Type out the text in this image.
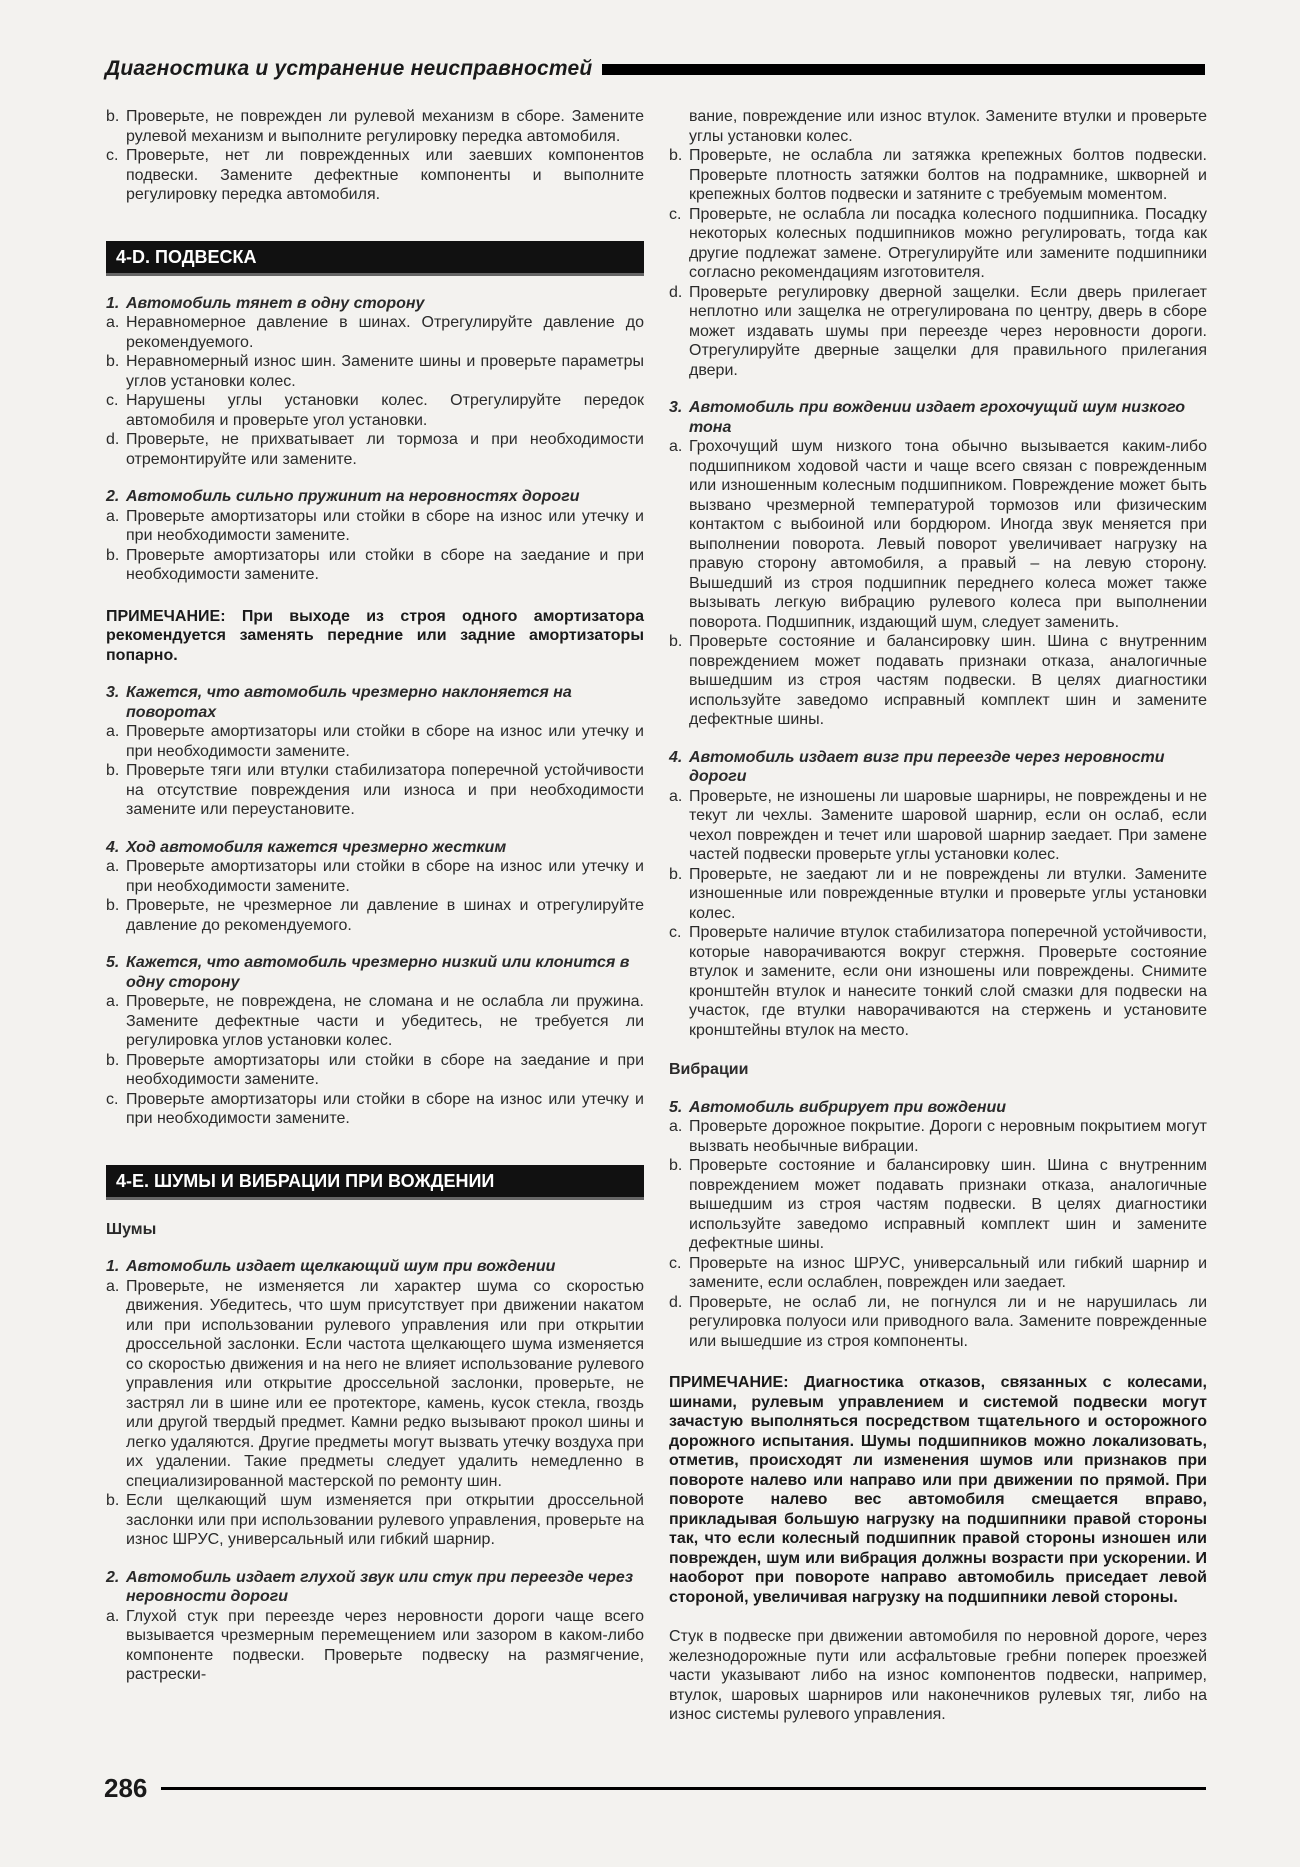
Диагностика и устранение неисправностей
b. Проверьте, не поврежден ли рулевой механизм в сборе. Замените рулевой механизм и выполните регулировку передка автомобиля.
c. Проверьте, нет ли поврежденных или заевших компонентов подвески. Замените дефектные компоненты и выполните регулировку передка автомобиля.
4-D. ПОДВЕСКА
1. Автомобиль тянет в одну сторону
a. Неравномерное давление в шинах. Отрегулируйте давление до рекомендуемого.
b. Неравномерный износ шин. Замените шины и проверьте параметры углов установки колес.
c. Нарушены углы установки колес. Отрегулируйте передок автомобиля и проверьте угол установки.
d. Проверьте, не прихватывает ли тормоза и при необходимости отремонтируйте или замените.
2. Автомобиль сильно пружинит на неровностях дороги
a. Проверьте амортизаторы или стойки в сборе на износ или утечку и при необходимости замените.
b. Проверьте амортизаторы или стойки в сборе на заедание и при необходимости замените.
ПРИМЕЧАНИЕ: При выходе из строя одного амортизатора рекомендуется заменять передние или задние амортизаторы попарно.
3. Кажется, что автомобиль чрезмерно наклоняется на поворотах
a. Проверьте амортизаторы или стойки в сборе на износ или утечку и при необходимости замените.
b. Проверьте тяги или втулки стабилизатора поперечной устойчивости на отсутствие повреждения или износа и при необходимости замените или переустановите.
4. Ход автомобиля кажется чрезмерно жестким
a. Проверьте амортизаторы или стойки в сборе на износ или утечку и при необходимости замените.
b. Проверьте, не чрезмерное ли давление в шинах и отрегулируйте давление до рекомендуемого.
5. Кажется, что автомобиль чрезмерно низкий или клонится в одну сторону
a. Проверьте, не повреждена, не сломана и не ослабла ли пружина. Замените дефектные части и убедитесь, не требуется ли регулировка углов установки колес.
b. Проверьте амортизаторы или стойки в сборе на заедание и при необходимости замените.
c. Проверьте амортизаторы или стойки в сборе на износ или утечку и при необходимости замените.
4-E. ШУМЫ И ВИБРАЦИИ ПРИ ВОЖДЕНИИ
Шумы
1. Автомобиль издает щелкающий шум при вождении
a. Проверьте, не изменяется ли характер шума со скоростью движения. Убедитесь, что шум присутствует при движении накатом или при использовании рулевого управления или при открытии дроссельной заслонки. Если частота щелкающего шума изменяется со скоростью движения и на него не влияет использование рулевого управления или открытие дроссельной заслонки, проверьте, не застрял ли в шине или ее протекторе, камень, кусок стекла, гвоздь или другой твердый предмет. Камни редко вызывают прокол шины и легко удаляются. Другие предметы могут вызвать утечку воздуха при их удалении. Такие предметы следует удалить немедленно в специализированной мастерской по ремонту шин.
b. Если щелкающий шум изменяется при открытии дроссельной заслонки или при использовании рулевого управления, проверьте на износ ШРУС, универсальный или гибкий шарнир.
2. Автомобиль издает глухой звук или стук при переезде через неровности дороги
a. Глухой стук при переезде через неровности дороги чаще всего вызывается чрезмерным перемещением или зазором в каком-либо компоненте подвески. Проверьте подвеску на размягчение, растрески-
вание, повреждение или износ втулок. Замените втулки и проверьте углы установки колес.
b. Проверьте, не ослабла ли затяжка крепежных болтов подвески. Проверьте плотность затяжки болтов на подрамнике, шкворней и крепежных болтов подвески и затяните с требуемым моментом.
c. Проверьте, не ослабла ли посадка колесного подшипника. Посадку некоторых колесных подшипников можно регулировать, тогда как другие подлежат замене. Отрегулируйте или замените подшипники согласно рекомендациям изготовителя.
d. Проверьте регулировку дверной защелки. Если дверь прилегает неплотно или защелка не отрегулирована по центру, дверь в сборе может издавать шумы при переезде через неровности дороги. Отрегулируйте дверные защелки для правильного прилегания двери.
3. Автомобиль при вождении издает грохочущий шум низкого тона
a. Грохочущий шум низкого тона обычно вызывается каким-либо подшипником ходовой части и чаще всего связан с поврежденным или изношенным колесным подшипником. Повреждение может быть вызвано чрезмерной температурой тормозов или физическим контактом с выбоиной или бордюром. Иногда звук меняется при выполнении поворота. Левый поворот увеличивает нагрузку на правую сторону автомобиля, а правый – на левую сторону. Вышедший из строя подшипник переднего колеса может также вызывать легкую вибрацию рулевого колеса при выполнении поворота. Подшипник, издающий шум, следует заменить.
b. Проверьте состояние и балансировку шин. Шина с внутренним повреждением может подавать признаки отказа, аналогичные вышедшим из строя частям подвески. В целях диагностики используйте заведомо исправный комплект шин и замените дефектные шины.
4. Автомобиль издает визг при переезде через неровности дороги
a. Проверьте, не изношены ли шаровые шарниры, не повреждены и не текут ли чехлы. Замените шаровой шарнир, если он ослаб, если чехол поврежден и течет или шаровой шарнир заедает. При замене частей подвески проверьте углы установки колес.
b. Проверьте, не заедают ли и не повреждены ли втулки. Замените изношенные или поврежденные втулки и проверьте углы установки колес.
c. Проверьте наличие втулок стабилизатора поперечной устойчивости, которые наворачиваются вокруг стержня. Проверьте состояние втулок и замените, если они изношены или повреждены. Снимите кронштейн втулок и нанесите тонкий слой смазки для подвески на участок, где втулки наворачиваются на стержень и установите кронштейны втулок на место.
Вибрации
5. Автомобиль вибрирует при вождении
a. Проверьте дорожное покрытие. Дороги с неровным покрытием могут вызвать необычные вибрации.
b. Проверьте состояние и балансировку шин. Шина с внутренним повреждением может подавать признаки отказа, аналогичные вышедшим из строя частям подвески. В целях диагностики используйте заведомо исправный комплект шин и замените дефектные шины.
c. Проверьте на износ ШРУС, универсальный или гибкий шарнир и замените, если ослаблен, поврежден или заедает.
d. Проверьте, не ослаб ли, не погнулся ли и не нарушилась ли регулировка полуоси или приводного вала. Замените поврежденные или вышедшие из строя компоненты.
ПРИМЕЧАНИЕ: Диагностика отказов, связанных с колесами, шинами, рулевым управлением и системой подвески могут зачастую выполняться посредством тщательного и осторожного дорожного испытания. Шумы подшипников можно локализовать, отметив, происходят ли изменения шумов или признаков при повороте налево или направо или при движении по прямой. При повороте налево вес автомобиля смещается вправо, прикладывая большую нагрузку на подшипники правой стороны так, что если колесный подшипник правой стороны изношен или поврежден, шум или вибрация должны возрасти при ускорении. И наоборот при повороте направо автомобиль приседает левой стороной, увеличивая нагрузку на подшипники левой стороны.
Стук в подвеске при движении автомобиля по неровной дороге, через железнодорожные пути или асфальтовые гребни поперек проезжей части указывают либо на износ компонентов подвески, например, втулок, шаровых шарниров или наконечников рулевых тяг, либо на износ системы рулевого управления.
286
